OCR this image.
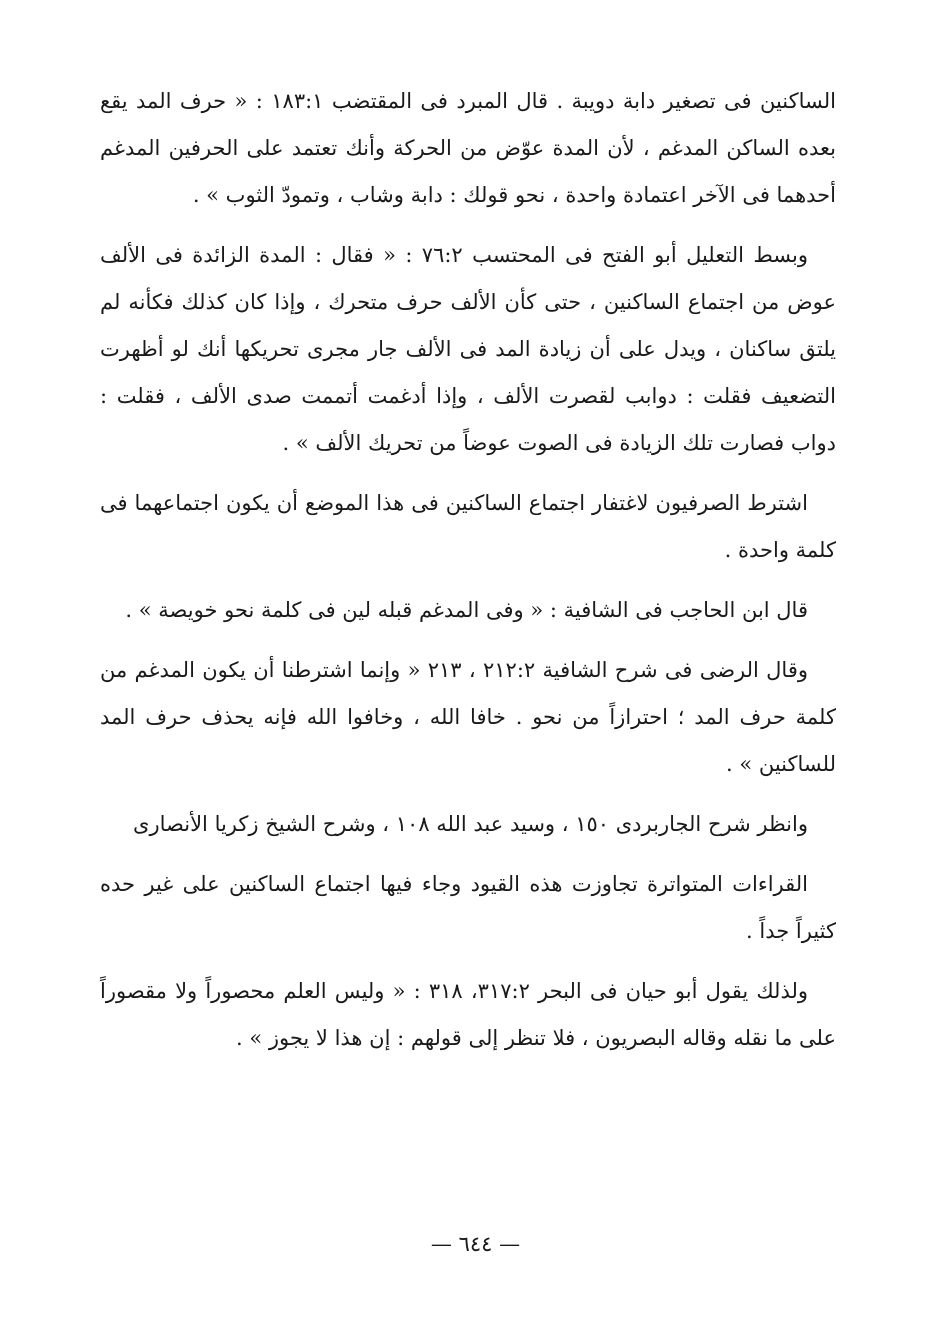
الساكنين فى تصغير دابة دويبة . قال المبرد فى المقتضب ١٨٣:١ : « حرف المد يقع بعده الساكن المدغم ، لأن المدة عوّض من الحركة وأنك تعتمد على الحرفين المدغم أحدهما فى الآخر اعتمادة واحدة ، نحو قولك : دابة وشاب ، وتمودّ الثوب » .

وبسط التعليل أبو الفتح فى المحتسب ٧٦:٢ : « فقال : المدة الزائدة فى الألف عوض من اجتماع الساكنين ، حتى كأن الألف حرف متحرك ، وإذا كان كذلك فكأنه لم يلتق ساكنان ، ويدل على أن زيادة المد فى الألف جار مجرى تحريكها أنك لو أظهرت التضعيف فقلت : دوابب لقصرت الألف ، وإذا أدغمت أتممت صدى الألف ، فقلت : دواب فصارت تلك الزيادة فى الصوت عوضاً من تحريك الألف » .

اشترط الصرفيون لاغتفار اجتماع الساكنين فى هذا الموضع أن يكون اجتماعهما فى كلمة واحدة .

قال ابن الحاجب فى الشافية : « وفى المدغم قبله لين فى كلمة نحو خويصة » .

وقال الرضى فى شرح الشافية ٢١٢:٢ ، ٢١٣ « وإنما اشترطنا أن يكون المدغم من كلمة حرف المد ؛ احترازاً من نحو . خافا الله ، وخافوا الله فإنه يحذف حرف المد للساكنين » .

وانظر شرح الجاربردى ١٥٠ ، وسيد عبد الله ١٠٨ ، وشرح الشيخ زكريا الأنصارى

القراءات المتواترة تجاوزت هذه القيود وجاء فيها اجتماع الساكنين على غير حده كثيراً جداً .

ولذلك يقول أبو حيان فى البحر ٣١٧:٢، ٣١٨ : « وليس العلم محصوراً ولا مقصوراً على ما نقله وقاله البصريون ، فلا تنظر إلى قولهم : إن هذا لا يجوز » .

— ٦٤٤ —
